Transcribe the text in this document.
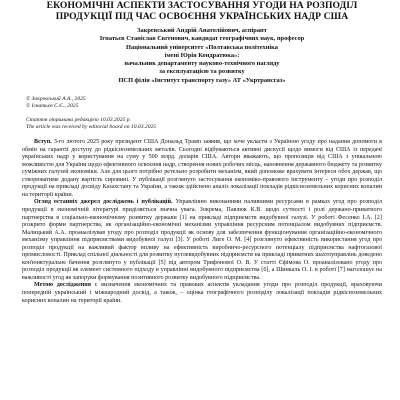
ЕКОНОМІЧНІ АСПЕКТИ ЗАСТОСУВАННЯ УГОДИ НА РОЗПОДІЛ
ПРОДУКЦІЇ ПІД ЧАС ОСВОЄННЯ УКРАЇНСЬКИХ НАДР США
Закревський Андрій Анатолійович, аспірант
Ігнатьєв Станіслав Євгенович, кандидат географічних наук, професор
Національний університет «Полтавська політехніка
імені Юрія Кондратюка»:
начальник департаменту науково-технічного нагляду
за експлуатацією та розвитку
ПСП філія «Інститут транспорту газу» АТ «Укртрансгаз»
© Закревський А.А., 2025
© Ігнатьєв С.Є., 2025
Стаття отримана редакцією 10.03.2025 р.
The article was received by editorial board on 10.03.2025

Вступ. З-го лютого 2025 року президент США Дональд Трамп заявив, що хоче укласти з Україною угоду про надання допомоги в обмін на гарантії доступу до рідкісноземельних металів. Сьогодні відбуваються активні дискусії щодо вимоги від США із передачі українських надр у користування на суму у 500 млрд. доларів США. Автори вважають, що пропозиція від США з унікальною можливістю для України щодо ефективного освоєння надр, створення нових робочих місць, наповнення державного бюджету та розвитку суміжних галузей економіки. Але для цього потрібно ретельно розробити механізм, який допоможе врахувати інтереси обох держав, що створюватиме додану вартість сировині. У публікації розглянуто застосування економіко-правового інструменту – угоди про розподіл продукції на прикладі досвіду Казахстану та України, а також здійснено аналіз локалізації покладів рідкісноземельних корисних копалин на території країни.

Огляд останніх джерел досліджень і публікацій. Управлінню виконаними паливними ресурсами в рамках угод про розподіл продукції в економічній літературі приділяється значна увага. Зокрема, Павлюк К.В. щодо сутності і ролі держано-приватного партнерства в соціально-економічному розвитку держави [1] на прикладі підприємств видобувної галузі. У роботі Фесенко І.А. [2] розкрито форми партнерства, як організаційно-економічні механізми управління ресурсним потенціалом видобувних підприємств. Малицький А.А. проаналізував угоду про розподіл продукції як основу для забезпечення функціонування організаційно-економічного механізму управління підприємствами видобувної галузі [3]. У роботі Лиге О. М. [4] розглянуто ефективність використання угод про розподіл продукції на важливий фактор впливу на ефективність виробничо-ресурсного потенціалу підприємства нафтогазової промисловості. Приклад спільної діяльності для розвитку нуглевидобувних підприємств на прикладі приватних шахтоуправлінь доведено кон'юнктуральне бачення розглянуто у публікації [5] під автором Трифонової О. В. У статті Єфімова О. проаналізовано угоду про розподіл продукції як елемент системного підходу в управлінні видобувного підприємства [6], а Шинкаль О. І. в роботі [7] наголошує на важливості угод як запоруки формування позитивного розвитку видобувного підприємства.

Метою дослідження є визначення економічних та правових аспектів укладання угоди про розподіл продукції, враховуючи попередній український і міжнародний досвід, а також, – оцінка географічного розподілу локалізації покладів рідкісноземельних корисних копалин на території країни.
